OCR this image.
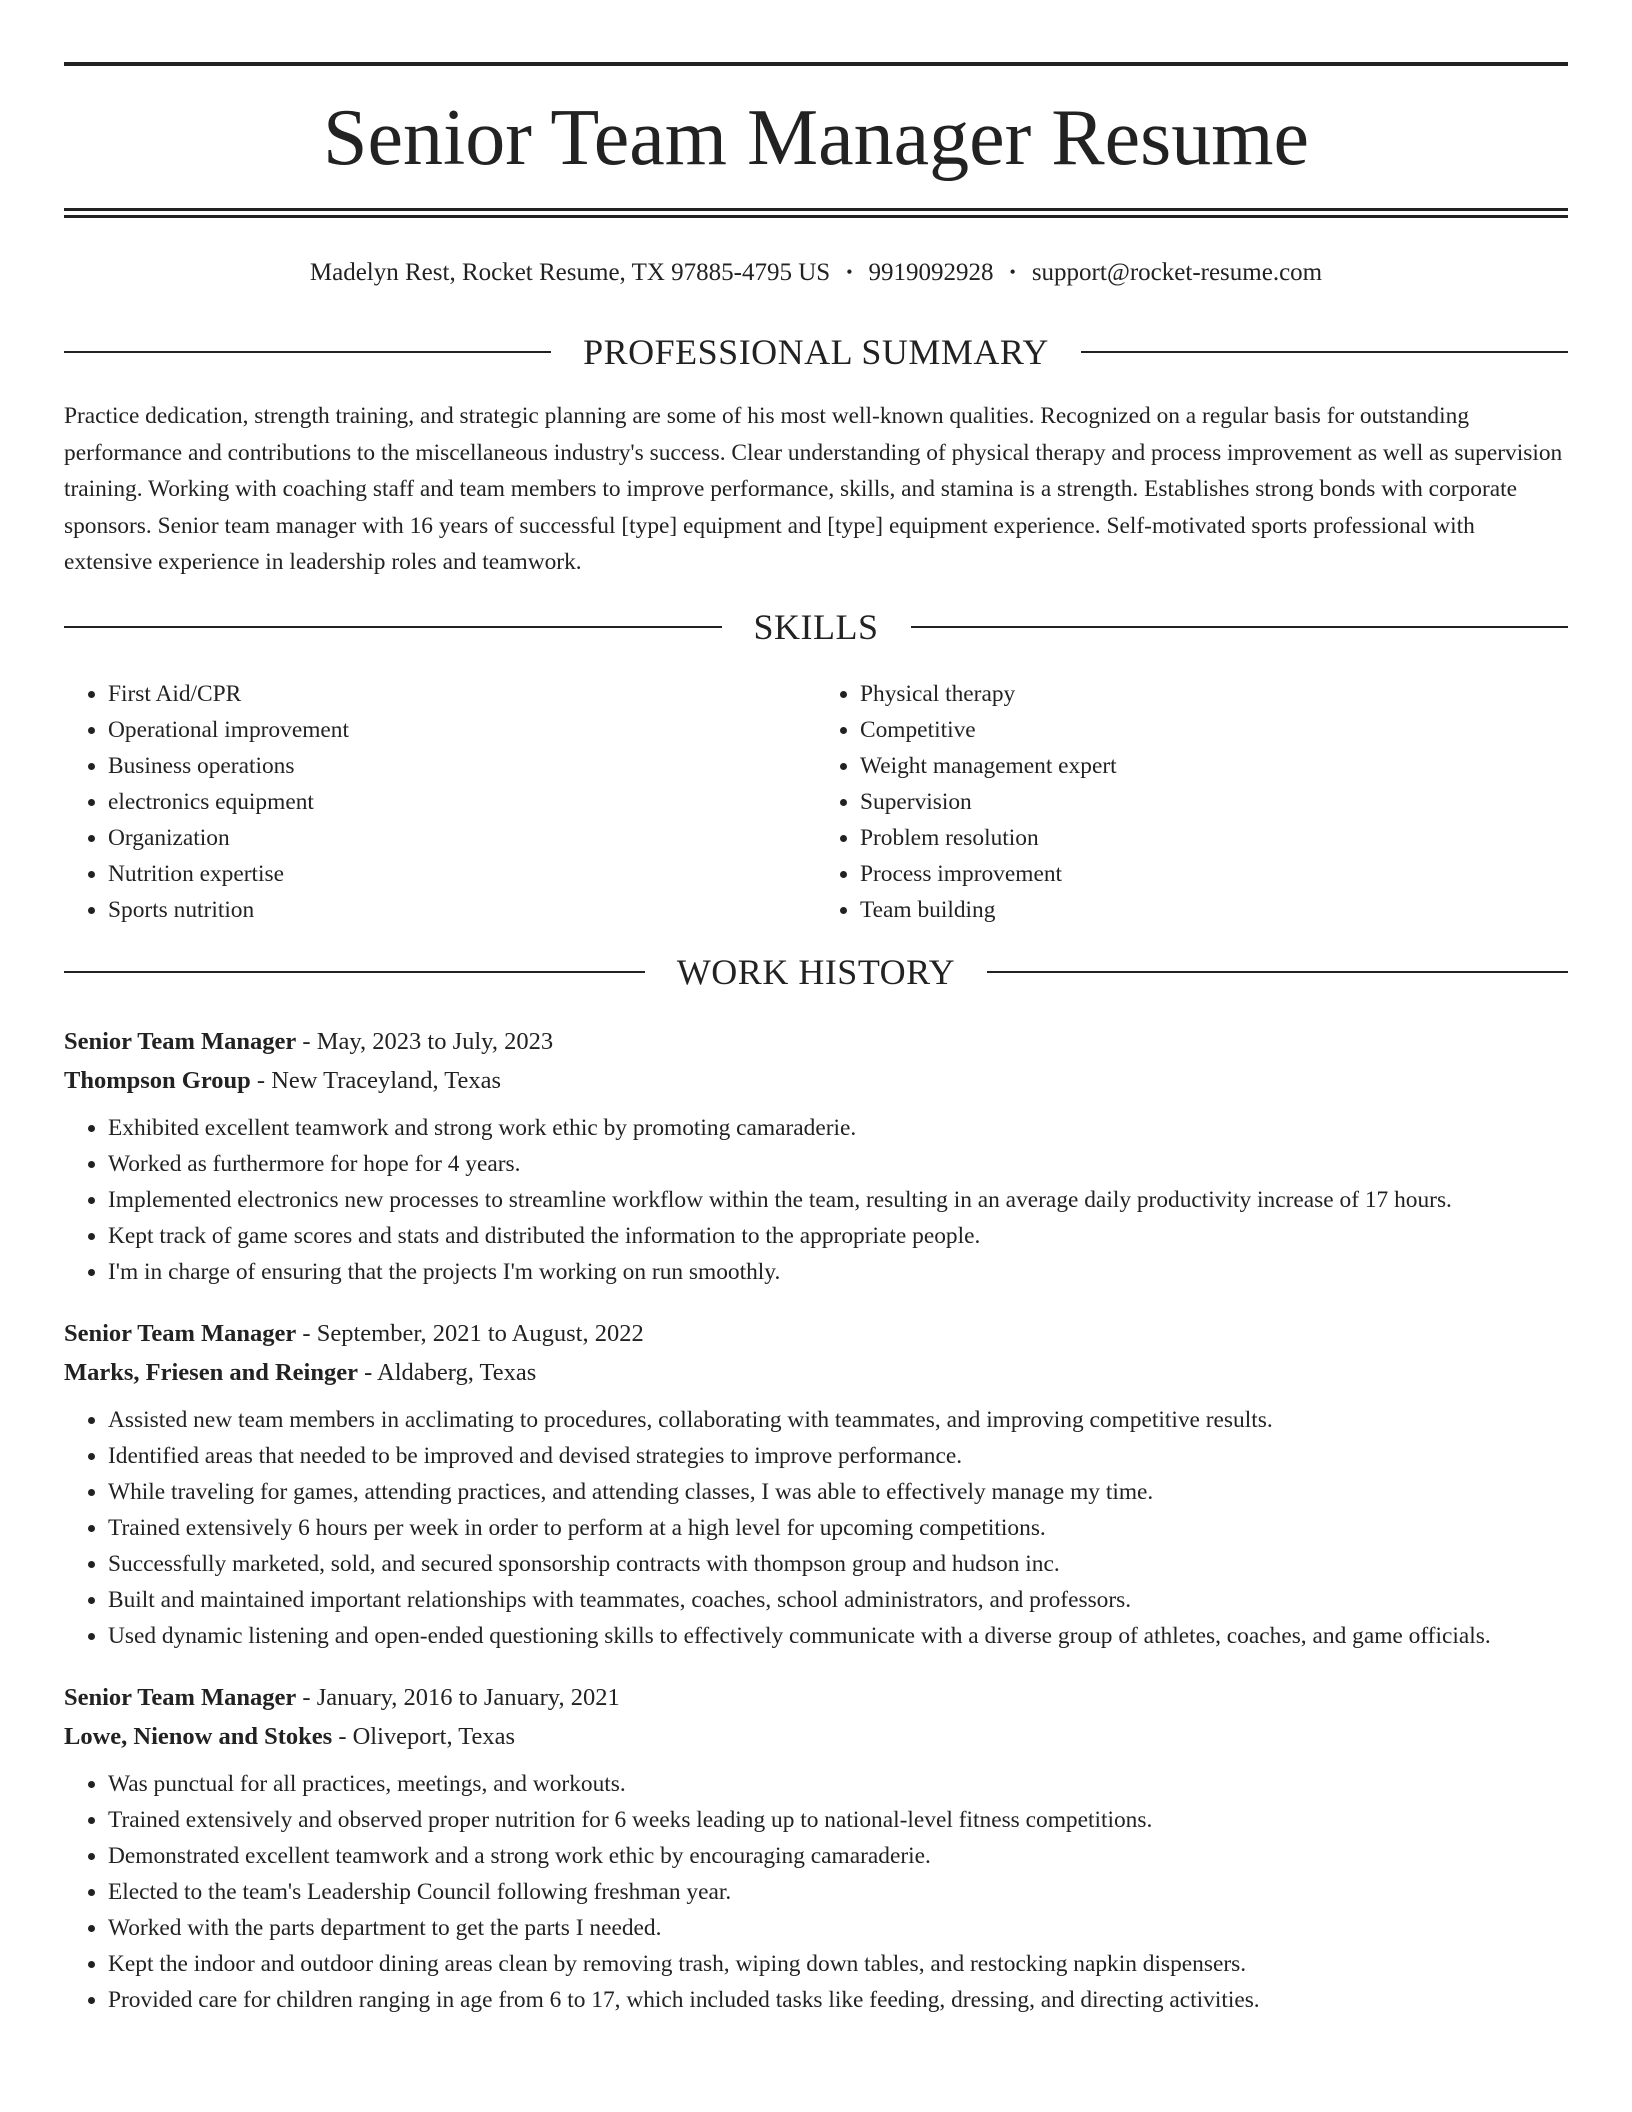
Senior Team Manager Resume
Madelyn Rest, Rocket Resume, TX 97885-4795 US • 9919092928 • support@rocket-resume.com
PROFESSIONAL SUMMARY

Practice dedication, strength training, and strategic planning are some of his most well-known qualities. Recognized on a regular basis for outstanding performance and contributions to the miscellaneous industry's success. Clear understanding of physical therapy and process improvement as well as supervision training. Working with coaching staff and team members to improve performance, skills, and stamina is a strength. Establishes strong bonds with corporate sponsors. Senior team manager with 16 years of successful [type] equipment and [type] equipment experience. Self-motivated sports professional with extensive experience in leadership roles and teamwork.

SKILLS
• First Aid/CPR
• Operational improvement
• Business operations
• electronics equipment
• Organization
• Nutrition expertise
• Sports nutrition
• Physical therapy
• Competitive
• Weight management expert
• Supervision
• Problem resolution
• Process improvement
• Team building
WORK HISTORY
Senior Team Manager - May, 2023 to July, 2023
Thompson Group - New Traceyland, Texas
• Exhibited excellent teamwork and strong work ethic by promoting camaraderie.
• Worked as furthermore for hope for 4 years.
• Implemented electronics new processes to streamline workflow within the team, resulting in an average daily productivity increase of 17 hours.
• Kept track of game scores and stats and distributed the information to the appropriate people.
• I'm in charge of ensuring that the projects I'm working on run smoothly.
Senior Team Manager - September, 2021 to August, 2022
Marks, Friesen and Reinger - Aldaberg, Texas
• Assisted new team members in acclimating to procedures, collaborating with teammates, and improving competitive results.
• Identified areas that needed to be improved and devised strategies to improve performance.
• While traveling for games, attending practices, and attending classes, I was able to effectively manage my time.
• Trained extensively 6 hours per week in order to perform at a high level for upcoming competitions.
• Successfully marketed, sold, and secured sponsorship contracts with thompson group and hudson inc.
• Built and maintained important relationships with teammates, coaches, school administrators, and professors.
• Used dynamic listening and open-ended questioning skills to effectively communicate with a diverse group of athletes, coaches, and game officials.
Senior Team Manager - January, 2016 to January, 2021
Lowe, Nienow and Stokes - Oliveport, Texas
• Was punctual for all practices, meetings, and workouts.
• Trained extensively and observed proper nutrition for 6 weeks leading up to national-level fitness competitions.
• Demonstrated excellent teamwork and a strong work ethic by encouraging camaraderie.
• Elected to the team's Leadership Council following freshman year.
• Worked with the parts department to get the parts I needed.
• Kept the indoor and outdoor dining areas clean by removing trash, wiping down tables, and restocking napkin dispensers.
• Provided care for children ranging in age from 6 to 17, which included tasks like feeding, dressing, and directing activities.
